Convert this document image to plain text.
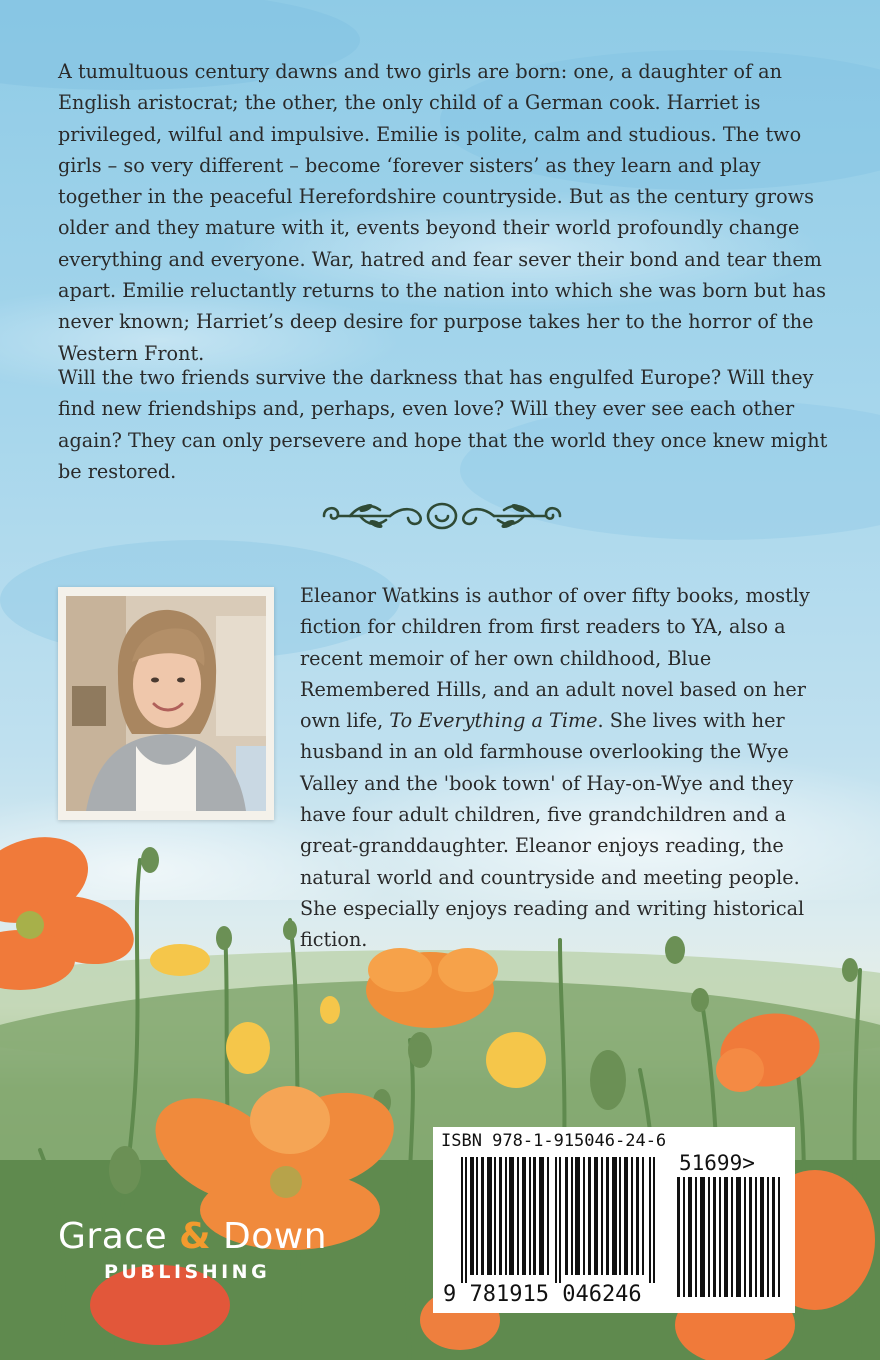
A tumultuous century dawns and two girls are born: one, a daughter of an English aristocrat; the other, the only child of a German cook. Harriet is privileged, wilful and impulsive. Emilie is polite, calm and studious. The two girls – so very different – become ‘forever sisters’ as they learn and play together in the peaceful Herefordshire countryside. But as the century grows older and they mature with it, events beyond their world profoundly change everything and everyone. War, hatred and fear sever their bond and tear them apart. Emilie reluctantly returns to the nation into which she was born but has never known; Harriet’s deep desire for purpose takes her to the horror of the Western Front.

Will the two friends survive the darkness that has engulfed Europe? Will they find new friendships and, perhaps, even love? Will they ever see each other again? They can only persevere and hope that the world they once knew might be restored.

Eleanor Watkins is author of over fifty books, mostly fiction for children from first readers to YA, also a recent memoir of her own childhood, Blue Remembered Hills, and an adult novel based on her own life, To Everything a Time. She lives with her husband in an old farmhouse overlooking the Wye Valley and the 'book town' of Hay-on-Wye and they have four adult children, five grandchildren and a great-granddaughter. Eleanor enjoys reading, the natural world and countryside and meeting people. She especially enjoys reading and writing historical fiction.

Grace & Down
PUBLISHING
ISBN 978-1-915046-24-6
51699>
9 781915 046246
